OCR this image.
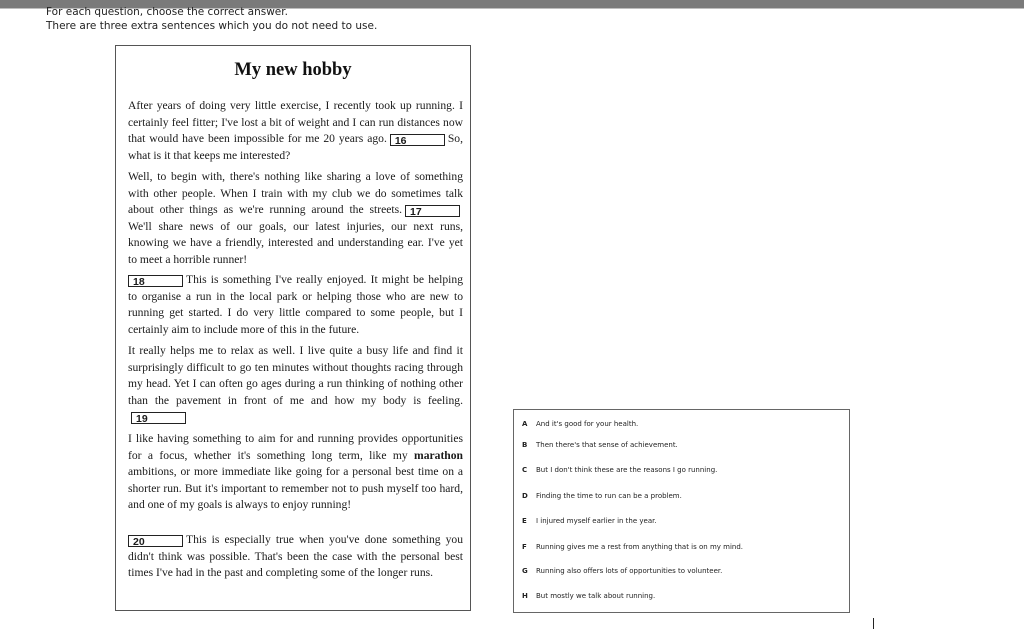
For each question, choose the correct answer.
There are three extra sentences which you do not need to use.
My new hobby

After years of doing very little exercise, I recently took up running. I certainly feel fitter; I've lost a bit of weight and I can run distances now that would have been impossible for me 20 years ago. 16	So, what is it that keeps me interested?

Well, to begin with, there's nothing like sharing a love of something with other people. When I train with my club we do sometimes talk about other things as we're running around the streets. 17We'll share news of our goals, our latest injuries, our next runs, knowing we have a friendly, interested and understanding ear. I've yet to meet a horrible runner!

18	This is something I've really enjoyed. It might be helping to organise a run in the local park or helping those who are new to running get started. I do very little compared to some people, but I certainly aim to include more of this in the future.

It really helps me to relax as well. I live quite a busy life and find it surprisingly difficult to go ten minutes without thoughts racing through my head. Yet I can often go ages during a run thinking of nothing other than the pavement in front of me and how my body is feeling.19

I like having something to aim for and running provides opportunities for a focus, whether it's something long term, like my marathon ambitions, or more immediate like going for a personal best time on a shorter run. But it's important to remember not to push myself too hard, and one of my goals is always to enjoy running!

20	This is especially true when you've done something you didn't think was possible. That's been the case with the personal best times I've had in the past and completing some of the longer runs.

A	And it's good for your health.
B	Then there's that sense of achievement.
C	But I don't think these are the reasons I go running.
D	Finding the time to run can be a problem.
E	I injured myself earlier in the year.
F	Running gives me a rest from anything that is on my mind.
G	Running also offers lots of opportunities to volunteer.
H	But mostly we talk about running.
